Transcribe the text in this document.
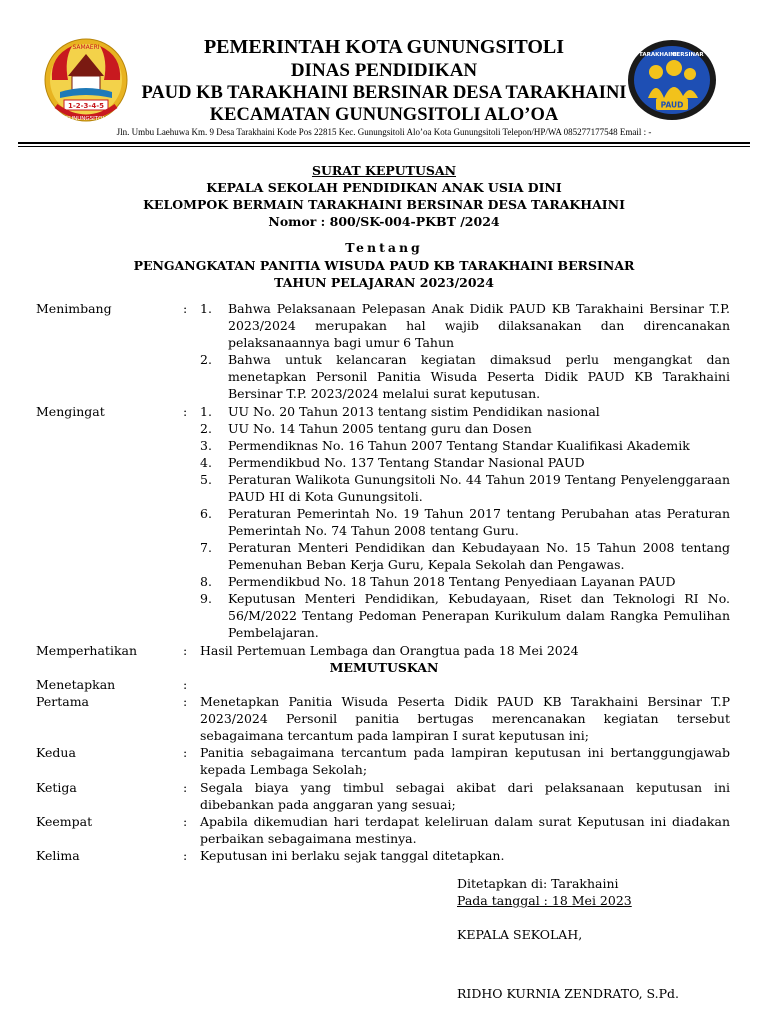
SAMAERI
1-2-3-4-5
GUNUNGSITOLI
PEMERINTAH KOTA GUNUNGSITOLI
DINAS PENDIDIKAN
PAUD KB TARAKHAINI BERSINAR DESA TARAKHAINI
KECAMATAN GUNUNGSITOLI ALO’OA
TARAKHAINI
BERSINAR
PAUD
Jln. Umbu Laehuwa Km. 9 Desa Tarakhaini Kode Pos 22815 Kec. Gunungsitoli Alo’oa Kota Gunungsitoli Telepon/HP/WA 085277177548 Email : -
SURAT KEPUTUSAN
KEPALA SEKOLAH PENDIDIKAN ANAK USIA DINI
KELOMPOK BERMAIN TARAKHAINI BERSINAR DESA TARAKHAINI
Nomor : 800/SK-004-PKBT /2024
Tentang
PENGANGKATAN PANITIA WISUDA PAUD KB TARAKHAINI BERSINAR
TAHUN PELAJARAN 2023/2024
Menimbang	: 1. Bahwa Pelaksanaan Pelepasan Anak Didik PAUD KB Tarakhaini Bersinar T.P. 2023/2024 merupakan hal wajib dilaksanakan dan direncanakan pelaksanaannya bagi umur 6 Tahun
2. Bahwa untuk kelancaran kegiatan dimaksud perlu mengangkat dan menetapkan Personil Panitia Wisuda Peserta Didik PAUD KB Tarakhaini Bersinar T.P. 2023/2024 melalui surat keputusan.
Mengingat	: 1. UU No. 20 Tahun 2013 tentang sistim Pendidikan nasional
2. UU No. 14 Tahun 2005 tentang guru dan Dosen
3. Permendiknas No. 16 Tahun 2007 Tentang Standar Kualifikasi Akademik
4. Permendikbud No. 137 Tentang Standar Nasional PAUD
5. Peraturan Walikota Gunungsitoli No. 44 Tahun 2019 Tentang Penyelenggaraan PAUD HI di Kota Gunungsitoli.
6. Peraturan Pemerintah No. 19 Tahun 2017 tentang Perubahan atas Peraturan Pemerintah No. 74 Tahun 2008 tentang Guru.
7. Peraturan Menteri Pendidikan dan Kebudayaan No. 15 Tahun 2008 tentang Pemenuhan Beban Kerja Guru, Kepala Sekolah dan Pengawas.
8. Permendikbud No. 18 Tahun 2018 Tentang Penyediaan Layanan PAUD
9. Keputusan Menteri Pendidikan, Kebudayaan, Riset dan Teknologi RI No. 56/M/2022 Tentang Pedoman Penerapan Kurikulum dalam Rangka Pemulihan Pembelajaran.
Memperhatikan	: Hasil Pertemuan Lembaga dan Orangtua pada 18 Mei 2024
MEMUTUSKAN
Menetapkan	:
Pertama	: Menetapkan Panitia Wisuda Peserta Didik PAUD KB Tarakhaini Bersinar T.P 2023/2024 Personil panitia bertugas merencanakan kegiatan tersebut sebagaimana tercantum pada lampiran I surat keputusan ini;
Kedua	: Panitia sebagaimana tercantum pada lampiran keputusan ini bertanggungjawab kepada Lembaga Sekolah;
Ketiga	: Segala biaya yang timbul sebagai akibat dari pelaksanaan keputusan ini dibebankan pada anggaran yang sesuai;
Keempat	: Apabila dikemudian hari terdapat keleliruan dalam surat Keputusan ini diadakan perbaikan sebagaimana mestinya.
Kelima	: Keputusan ini berlaku sejak tanggal ditetapkan.
Ditetapkan di: Tarakhaini
Pada tanggal : 18 Mei 2023
KEPALA SEKOLAH,
RIDHO KURNIA ZENDRATO, S.Pd.
